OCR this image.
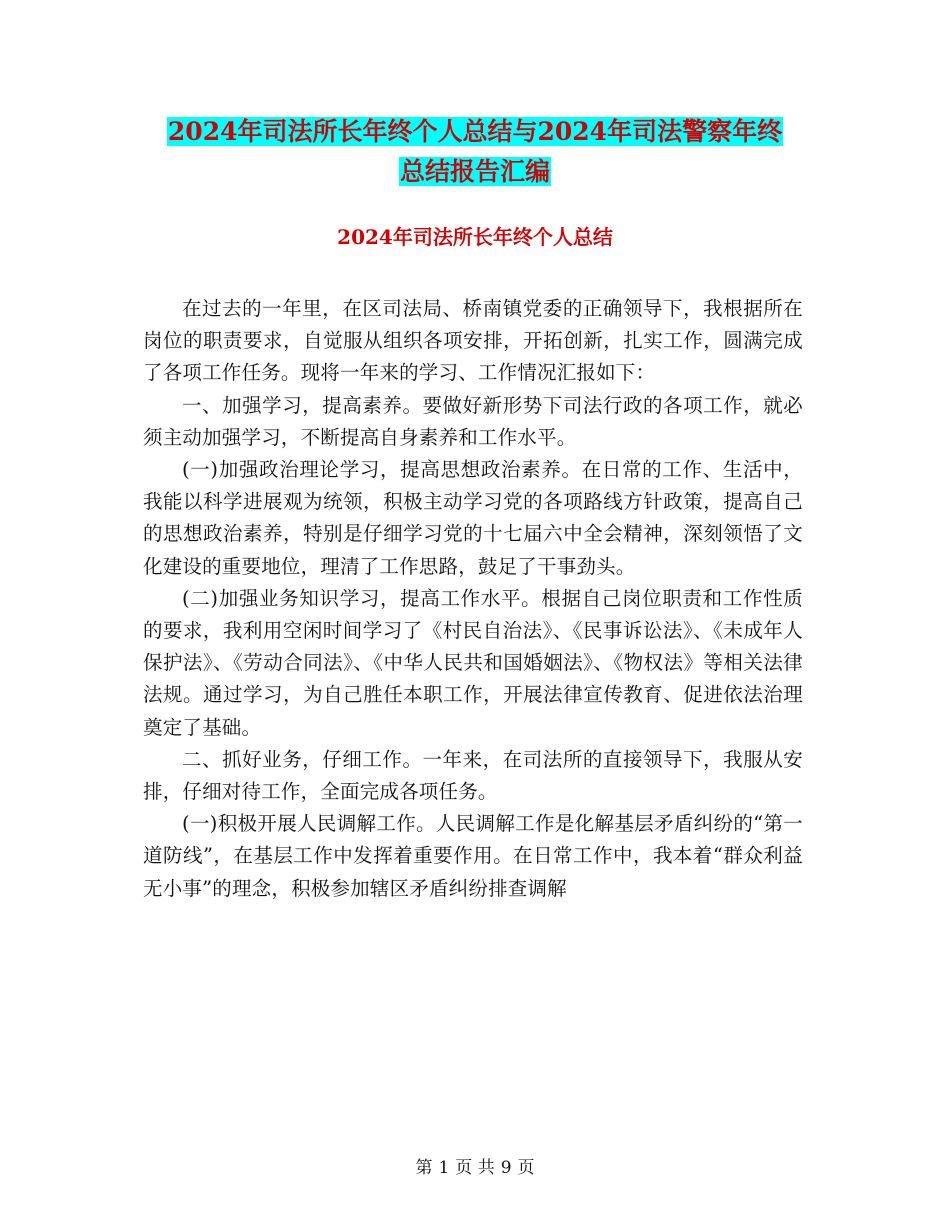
2024年司法所长年终个人总结与2024年司法警察年终
总结报告汇编
2024年司法所长年终个人总结

在过去的一年里，在区司法局、桥南镇党委的正确领导下，我根据所在岗位的职责要求，自觉服从组织各项安排，开拓创新，扎实工作，圆满完成了各项工作任务。现将一年来的学习、工作情况汇报如下：

一、加强学习，提高素养。要做好新形势下司法行政的各项工作，就必须主动加强学习，不断提高自身素养和工作水平。

(一)加强政治理论学习，提高思想政治素养。在日常的工作、生活中，我能以科学进展观为统领，积极主动学习党的各项路线方针政策，提高自己的思想政治素养，特别是仔细学习党的十七届六中全会精神，深刻领悟了文化建设的重要地位，理清了工作思路，鼓足了干事劲头。

(二)加强业务知识学习，提高工作水平。根据自己岗位职责和工作性质的要求，我利用空闲时间学习了《村民自治法》、《民事诉讼法》、《未成年人保护法》、《劳动合同法》、《中华人民共和国婚姻法》、《物权法》等相关法律法规。通过学习，为自己胜任本职工作，开展法律宣传教育、促进依法治理奠定了基础。

二、抓好业务，仔细工作。一年来，在司法所的直接领导下，我服从安排，仔细对待工作，全面完成各项任务。

(一)积极开展人民调解工作。人民调解工作是化解基层矛盾纠纷的“第一道防线”，在基层工作中发挥着重要作用。在日常工作中，我本着“群众利益无小事”的理念，积极参加辖区矛盾纠纷排查调解

第 1 页 共 9 页
